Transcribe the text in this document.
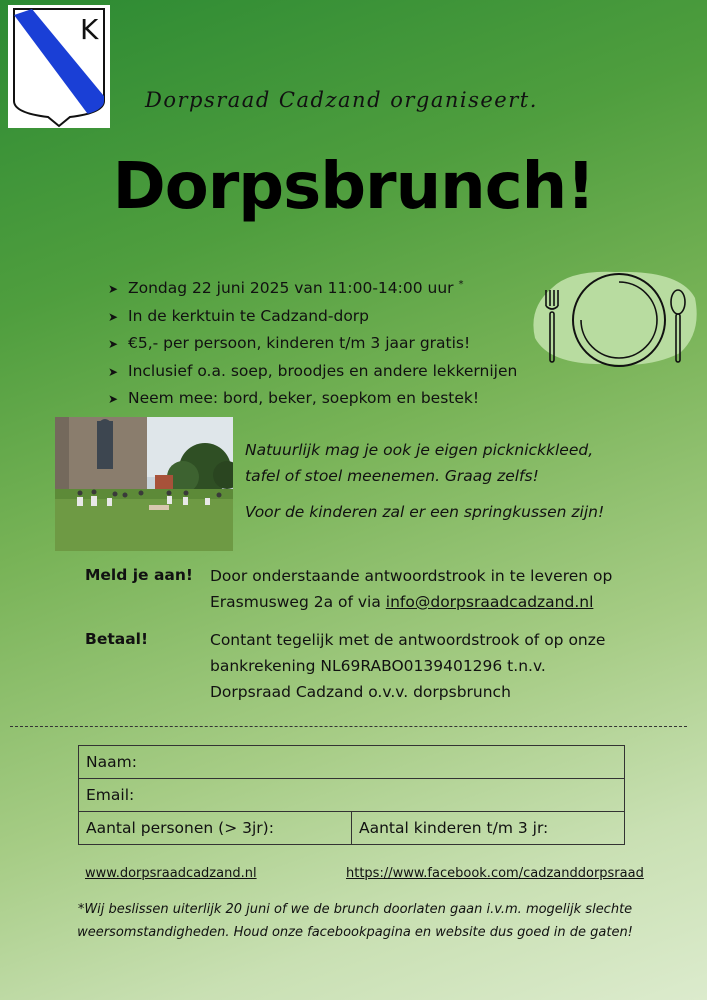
K
Dorpsraad Cadzand organiseert.
Dorpsbrunch!
➤ Zondag 22 juni 2025 van 11:00-14:00 uur *
➤ In de kerktuin te Cadzand-dorp
➤ €5,- per persoon, kinderen t/m 3 jaar gratis!
➤ Inclusief o.a. soep, broodjes en andere lekkernijen
➤ Neem mee: bord, beker, soepkom en bestek!

Natuurlijk mag je ook je eigen picknickkleed,

tafel of stoel meenemen. Graag zelfs!

Voor de kinderen zal er een springkussen zijn!

Meld je aan! Door onderstaande antwoordstrook in te leveren op
Erasmusweg 2a of via info@dorpsraadcadzand.nl
Betaal!	Contant tegelijk met de antwoordstrook of op onze
bankrekening NL69RABO0139401296 t.n.v.
Dorpsraad Cadzand o.v.v. dorpsbrunch
Naam:
Email:
Aantal personen (> 3jr):	Aantal kinderen t/m 3 jr:
www.dorpsraadcadzand.nl	https://www.facebook.com/cadzanddorpsraad
*Wij beslissen uiterlijk 20 juni of we de brunch doorlaten gaan i.v.m. mogelijk slechte
weersomstandigheden. Houd onze facebookpagina en website dus goed in de gaten!
